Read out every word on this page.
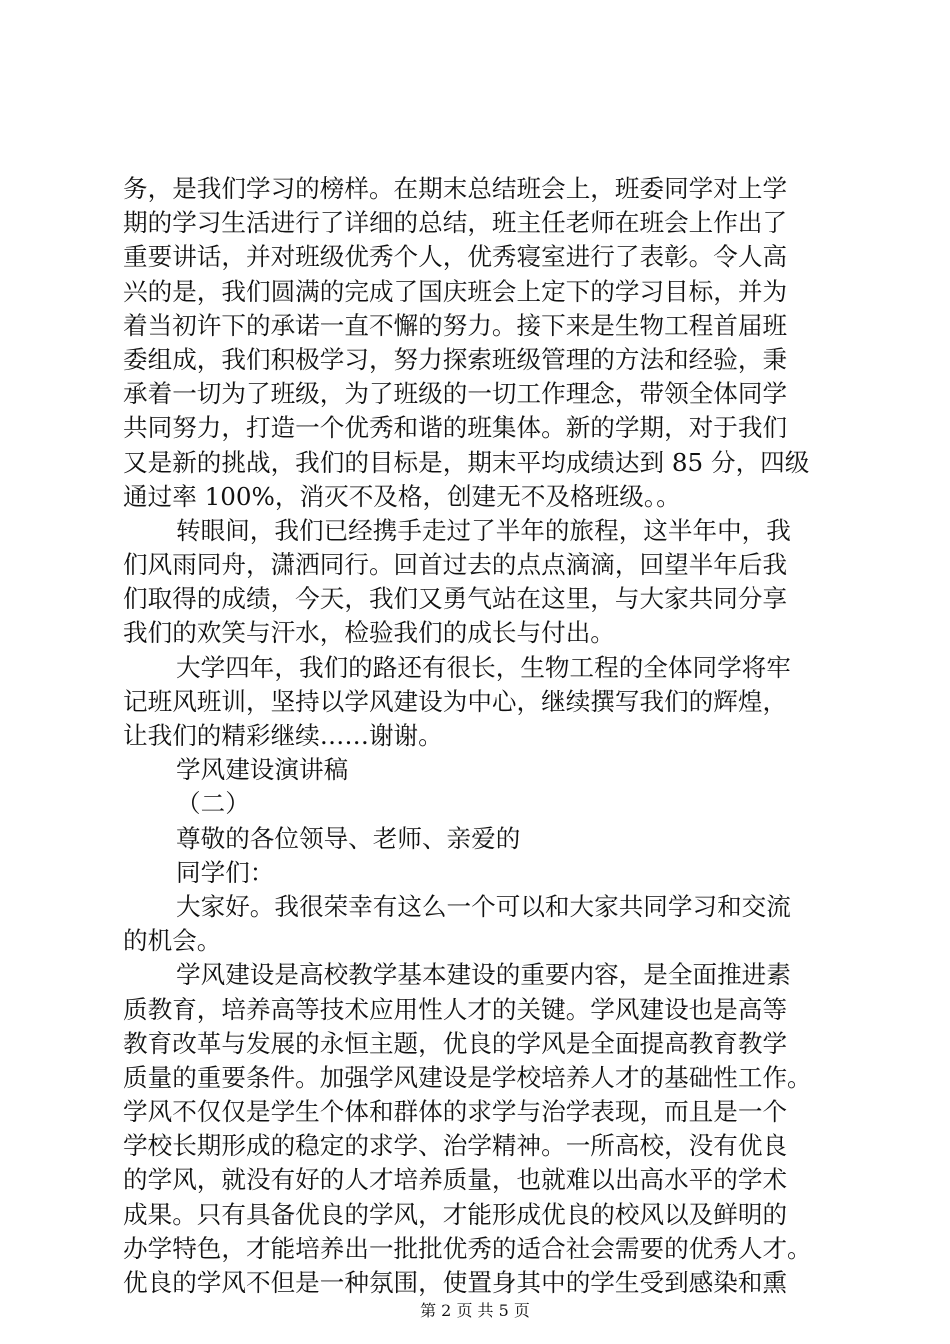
务，是我们学习的榜样。在期末总结班会上，班委同学对上学
期的学习生活进行了详细的总结，班主任老师在班会上作出了
重要讲话，并对班级优秀个人，优秀寝室进行了表彰。令人高
兴的是，我们圆满的完成了国庆班会上定下的学习目标，并为
着当初许下的承诺一直不懈的努力。接下来是生物工程首届班
委组成，我们积极学习，努力探索班级管理的方法和经验，秉
承着一切为了班级，为了班级的一切工作理念，带领全体同学
共同努力，打造一个优秀和谐的班集体。新的学期，对于我们
又是新的挑战，我们的目标是，期末平均成绩达到 85 分，四级
通过率 100%，消灭不及格，创建无不及格班级。。
转眼间，我们已经携手走过了半年的旅程，这半年中，我
们风雨同舟，潇洒同行。回首过去的点点滴滴，回望半年后我
们取得的成绩，今天，我们又勇气站在这里，与大家共同分享
我们的欢笑与汗水，检验我们的成长与付出。
大学四年，我们的路还有很长，生物工程的全体同学将牢
记班风班训，坚持以学风建设为中心，继续撰写我们的辉煌，
让我们的精彩继续……谢谢。
学风建设演讲稿
（二）
尊敬的各位领导、老师、亲爱的
同学们：
大家好。我很荣幸有这么一个可以和大家共同学习和交流
的机会。
学风建设是高校教学基本建设的重要内容，是全面推进素
质教育，培养高等技术应用性人才的关键。学风建设也是高等
教育改革与发展的永恒主题，优良的学风是全面提高教育教学
质量的重要条件。加强学风建设是学校培养人才的基础性工作。
学风不仅仅是学生个体和群体的求学与治学表现，而且是一个
学校长期形成的稳定的求学、治学精神。一所高校，没有优良
的学风，就没有好的人才培养质量，也就难以出高水平的学术
成果。只有具备优良的学风，才能形成优良的校风以及鲜明的
办学特色，才能培养出一批批优秀的适合社会需要的优秀人才。
优良的学风不但是一种氛围，使置身其中的学生受到感染和熏
第 2 页 共 5 页
